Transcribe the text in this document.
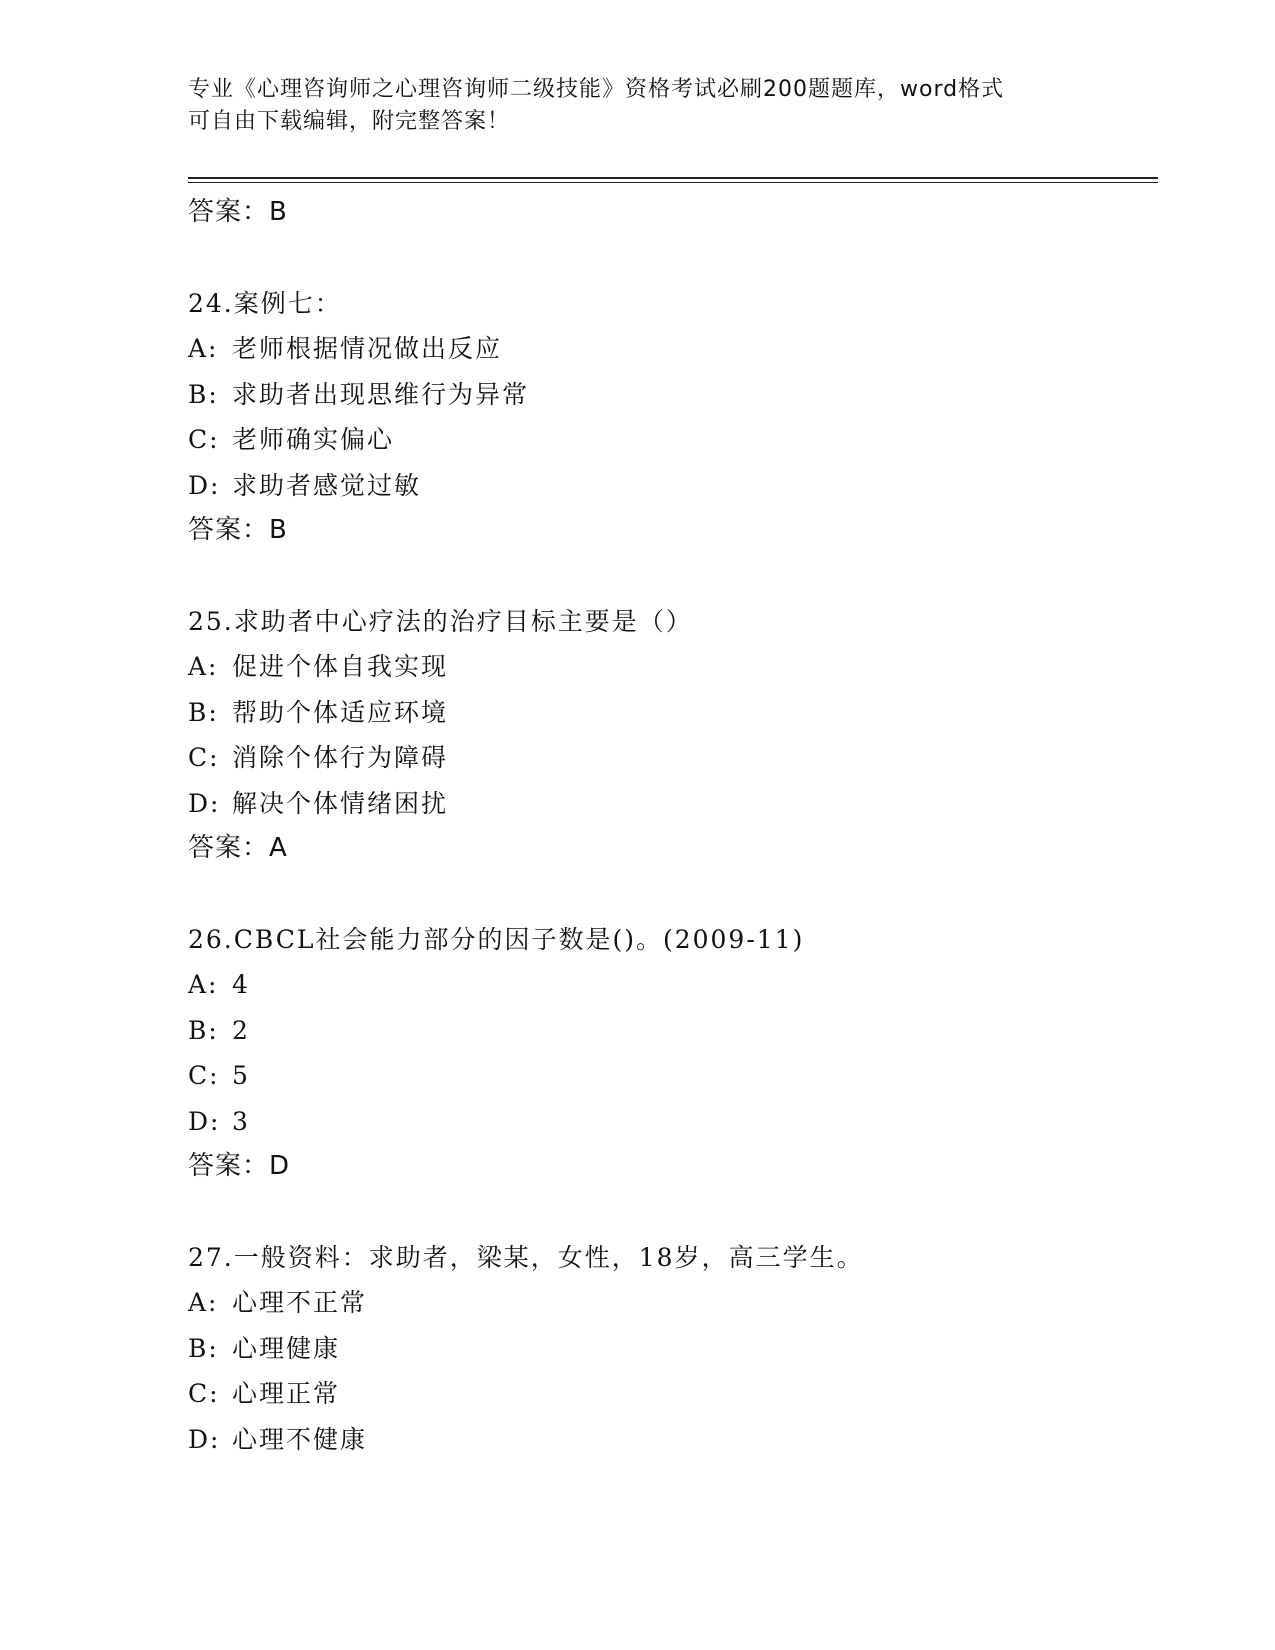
专业《心理咨询师之心理咨询师二级技能》资格考试必刷200题题库，word格式
可自由下载编辑，附完整答案！
答案：B
24.案例七：
A: 老师根据情况做出反应
B: 求助者出现思维行为异常
C: 老师确实偏心
D: 求助者感觉过敏
答案：B
25.求助者中心疗法的治疗目标主要是（）
A: 促进个体自我实现
B: 帮助个体适应环境
C: 消除个体行为障碍
D: 解决个体情绪困扰
答案：A
26.CBCL社会能力部分的因子数是()。(2009-11)
A: 4
B: 2
C: 5
D: 3
答案：D
27.一般资料：求助者，梁某，女性，18岁，高三学生。
A: 心理不正常
B: 心理健康
C: 心理正常
D: 心理不健康
